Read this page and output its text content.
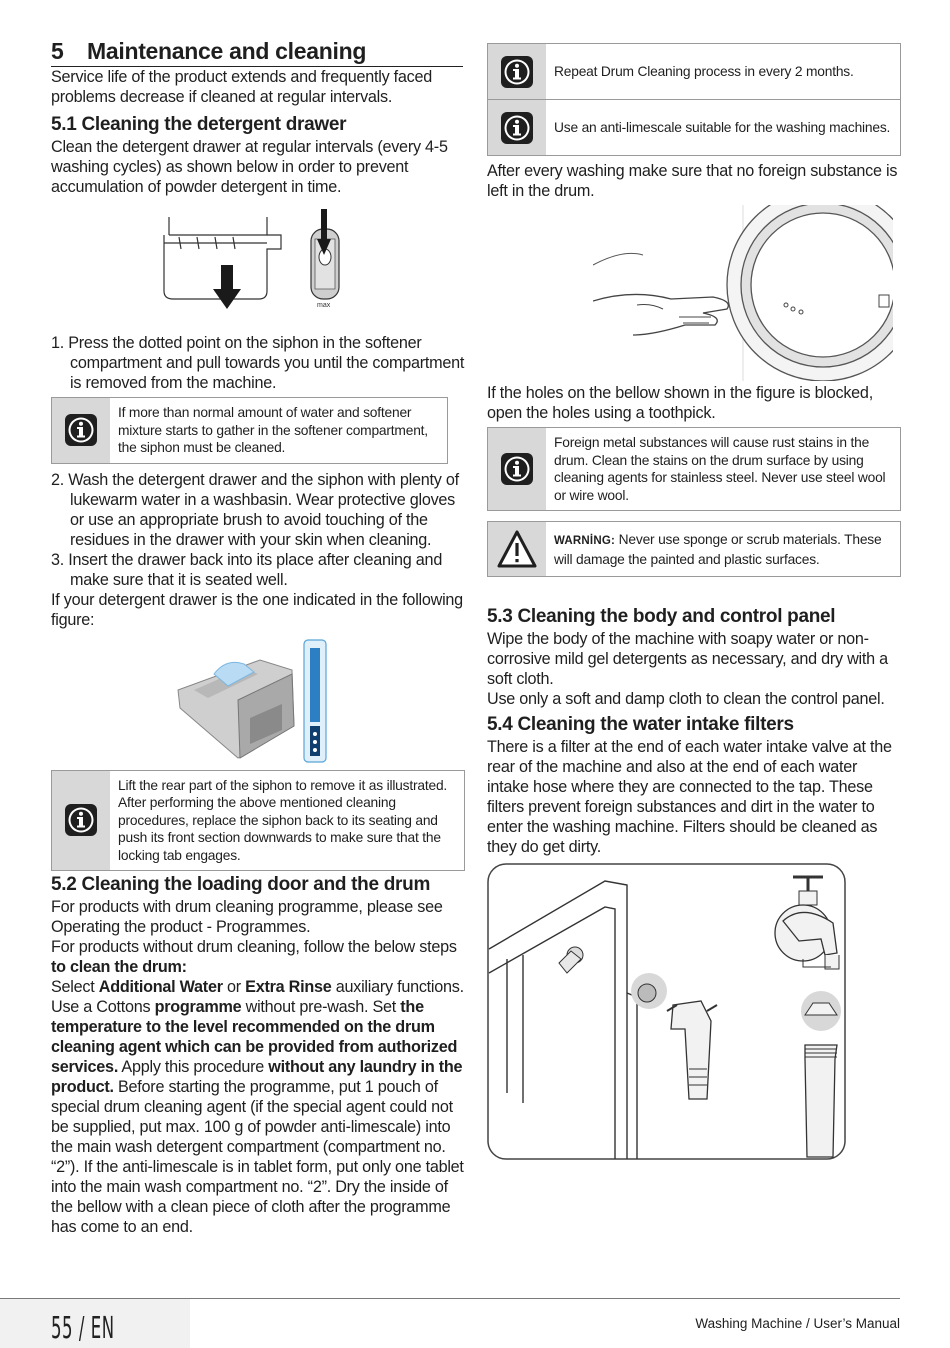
5 Maintenance and cleaning

Service life of the product extends and frequently faced problems decrease if cleaned at regular intervals.

5.1 Cleaning the detergent drawer

Clean the detergent drawer at regular intervals (every 4-5 washing cycles) as shown below in order to prevent accumulation of powder detergent in time.

max
1. Press the dotted point on the siphon in the softener compartment and pull towards you until the compartment is removed from the machine.
If more than normal amount of water and softener mixture starts to gather in the softener compartment, the siphon must be cleaned.
2. Wash the detergent drawer and the siphon with plenty of lukewarm water in a washbasin. Wear protective gloves or use an appropriate brush to avoid touching of the residues in the drawer with your skin when cleaning.
3. Insert the drawer back into its place after cleaning and make sure that it is seated well.

If your detergent drawer is the one indicated in the following figure:

Lift the rear part of the siphon to remove it as illustrated. After performing the above mentioned cleaning procedures, replace the siphon back to its seating and push its front section downwards to make sure that the locking tab engages.
5.2 Cleaning the loading door and the drum

For products with drum cleaning programme, please see Operating the product - Programmes.

For products without drum cleaning, follow the below steps to clean the drum:

Select Additional Water or Extra Rinse auxiliary functions. Use a Cottons programme without pre-wash. Set the temperature to the level recommended on the drum cleaning agent which can be provided from authorized services. Apply this procedure without any laundry in the product. Before starting the programme, put 1 pouch of special drum cleaning agent (if the special agent could not be supplied, put max. 100 g of powder anti-limescale) into the main wash detergent compartment (compartment no. “2”). If the anti-limescale is in tablet form, put only one tablet into the main wash compartment no. “2”. Dry the inside of the bellow with a clean piece of cloth after the programme has come to an end.

Repeat Drum Cleaning process in every 2 months.
Use an anti-limescale suitable for the washing machines.

After every washing make sure that no foreign substance is left in the drum.

If the holes on the bellow shown in the figure is blocked, open the holes using a toothpick.

Foreign metal substances will cause rust stains in the drum. Clean the stains on the drum surface by using cleaning agents for stainless steel. Never use steel wool or wire wool.
WARNİNG: Never use sponge or scrub materials. These will damage the painted and plastic surfaces.
5.3 Cleaning the body and control panel

Wipe the body of the machine with soapy water or non-corrosive mild gel detergents as necessary, and dry with a soft cloth.

Use only a soft and damp cloth to clean the control panel.

5.4 Cleaning the water intake filters

There is a filter at the end of each water intake valve at the rear of the machine and also at the end of each water intake hose where they are connected to the tap. These filters prevent foreign substances and dirt in the water to enter the washing machine. Filters should be cleaned as they do get dirty.

55 / EN	Washing Machine / User’s Manual
